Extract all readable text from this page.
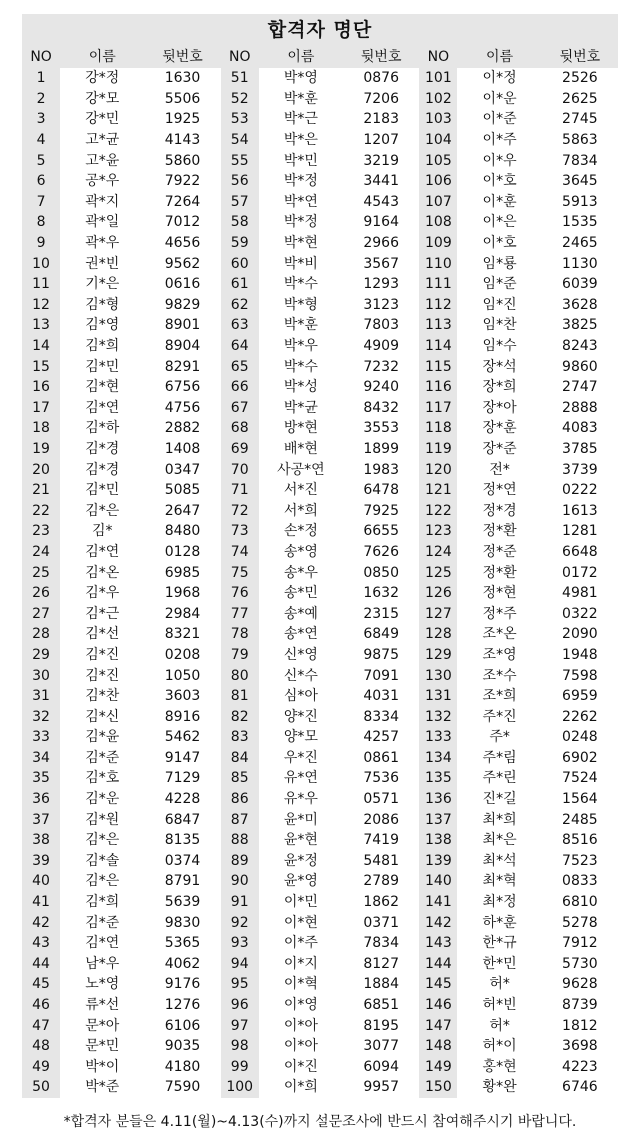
합격자 명단
NO	이름	뒷번호	NO	이름	뒷번호	NO	이름	뒷번호
1	강*정	1630	51	박*영	0876	101	이*정	2526
2	강*모	5506	52	박*훈	7206	102	이*운	2625
3	강*민	1925	53	박*근	2183	103	이*준	2745
4	고*균	4143	54	박*은	1207	104	이*주	5863
5	고*윤	5860	55	박*민	3219	105	이*우	7834
6	공*우	7922	56	박*정	3441	106	이*호	3645
7	곽*지	7264	57	박*연	4543	107	이*훈	5913
8	곽*일	7012	58	박*정	9164	108	이*은	1535
9	곽*우	4656	59	박*현	2966	109	이*호	2465
10	권*빈	9562	60	박*비	3567	110	임*룡	1130
11	기*은	0616	61	박*수	1293	111	임*준	6039
12	김*형	9829	62	박*형	3123	112	임*진	3628
13	김*영	8901	63	박*훈	7803	113	임*찬	3825
14	김*희	8904	64	박*우	4909	114	임*수	8243
15	김*민	8291	65	박*수	7232	115	장*석	9860
16	김*현	6756	66	박*성	9240	116	장*희	2747
17	김*연	4756	67	박*균	8432	117	장*아	2888
18	김*하	2882	68	방*현	3553	118	장*훈	4083
19	김*경	1408	69	배*현	1899	119	장*준	3785
20	김*경	0347	70	사공*연	1983	120	전*	3739
21	김*민	5085	71	서*진	6478	121	정*연	0222
22	김*은	2647	72	서*희	7925	122	정*경	1613
23	김*	8480	73	손*정	6655	123	정*환	1281
24	김*연	0128	74	송*영	7626	124	정*준	6648
25	김*온	6985	75	송*우	0850	125	정*환	0172
26	김*우	1968	76	송*민	1632	126	정*현	4981
27	김*근	2984	77	송*예	2315	127	정*주	0322
28	김*선	8321	78	송*연	6849	128	조*온	2090
29	김*진	0208	79	신*영	9875	129	조*영	1948
30	김*진	1050	80	신*수	7091	130	조*수	7598
31	김*찬	3603	81	심*아	4031	131	조*희	6959
32	김*신	8916	82	양*진	8334	132	주*진	2262
33	김*윤	5462	83	양*모	4257	133	주*	0248
34	김*준	9147	84	우*진	0861	134	주*림	6902
35	김*호	7129	85	유*연	7536	135	주*린	7524
36	김*운	4228	86	유*우	0571	136	진*길	1564
37	김*원	6847	87	윤*미	2086	137	최*희	2485
38	김*은	8135	88	윤*현	7419	138	최*은	8516
39	김*솔	0374	89	윤*정	5481	139	최*석	7523
40	김*은	8791	90	윤*영	2789	140	최*혁	0833
41	김*희	5639	91	이*민	1862	141	최*정	6810
42	김*준	9830	92	이*현	0371	142	하*훈	5278
43	김*연	5365	93	이*주	7834	143	한*규	7912
44	남*우	4062	94	이*지	8127	144	한*민	5730
45	노*영	9176	95	이*혁	1884	145	허*	9628
46	류*선	1276	96	이*영	6851	146	허*빈	8739
47	문*아	6106	97	이*아	8195	147	허*	1812
48	문*민	9035	98	이*아	3077	148	허*이	3698
49	박*이	4180	99	이*진	6094	149	홍*현	4223
50	박*준	7590	100	이*희	9957	150	황*완	6746
*합격자 분들은 4.11(월)~4.13(수)까지 설문조사에 반드시 참여해주시기 바랍니다.
